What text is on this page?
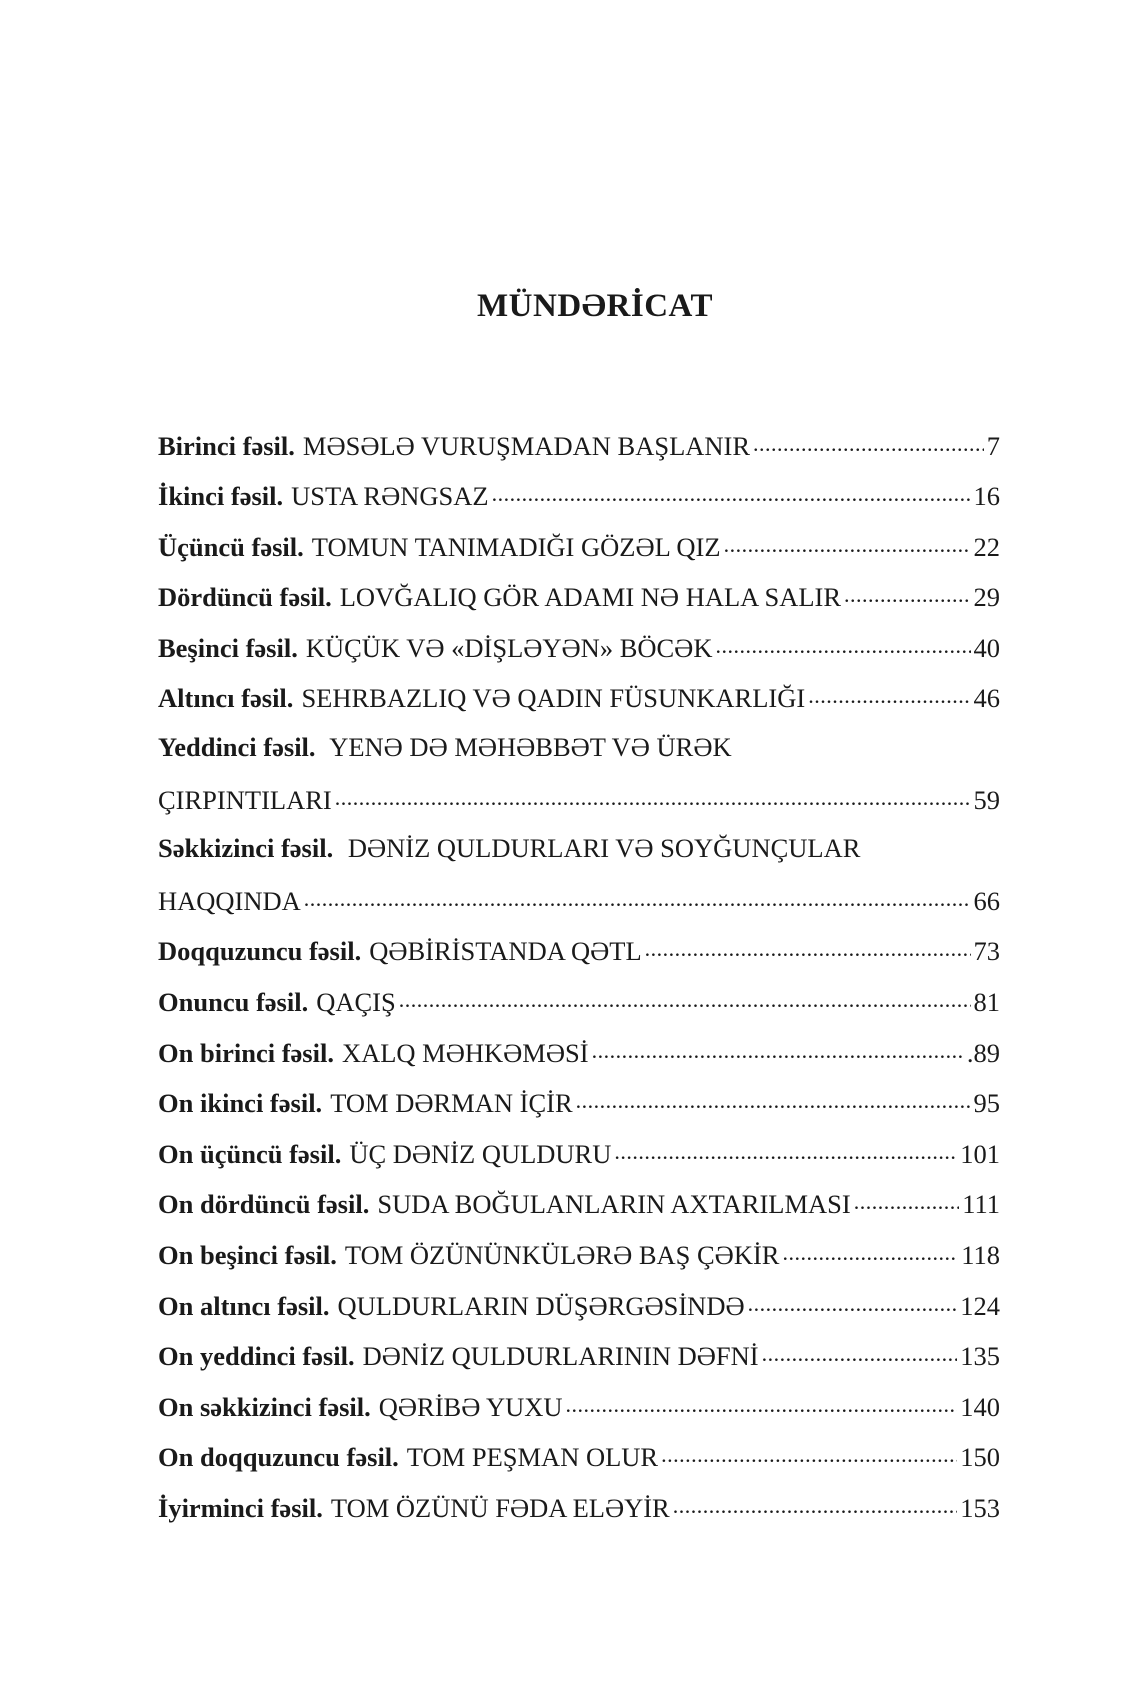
MÜNDƏRİCAT
Birinci fəsil. MƏSƏLƏ VURUŞMADAN BAŞLANIR .....	7
İkinci fəsil. USTA RƏNGSAZ .....	16
Üçüncü fəsil. TOMUN TANIMADIĞI GÖZƏL QIZ .....	22
Dördüncü fəsil. LOVĞALIQ GÖR ADAMI NƏ HALA SALIR .....	29
Beşinci fəsil. KÜÇÜK VƏ «DİŞLƏYƏN» BÖCƏK .....	40
Altıncı fəsil. SEHRBAZLIQ VƏ QADIN FÜSUNKARLIĞI .....	46
Yeddinci fəsil. YENƏ DƏ MƏHƏBBƏT VƏ ÜRƏK
ÇIRPINTILARI .....	59
Səkkizinci fəsil. DƏNİZ QULDURLARI VƏ SOYĞUNÇULAR
HAQQINDA .....	66
Doqquzuncu fəsil. QƏBİRİSTANDA QƏTL .....	73
Onuncu fəsil. QAÇIŞ .....	81
On birinci fəsil. XALQ MƏHKƏMƏSİ .....	.89
On ikinci fəsil. TOM DƏRMAN İÇİR .....	95
On üçüncü fəsil. ÜÇ DƏNİZ QULDURU .....	101
On dördüncü fəsil. SUDA BOĞULANLARIN AXTARILMASI .....	111
On beşinci fəsil. TOM ÖZÜNÜNKÜLƏRƏ BAŞ ÇƏKİR .....	118
On altıncı fəsil. QULDURLARIN DÜŞƏRGƏSİNDƏ .....	124
On yeddinci fəsil. DƏNİZ QULDURLARININ DƏFNİ .....	135
On səkkizinci fəsil. QƏRİBƏ YUXU .....	140
On doqquzuncu fəsil. TOM PEŞMAN OLUR .....	150
İyirminci fəsil. TOM ÖZÜNÜ FƏDA ELƏYİR .....	153
